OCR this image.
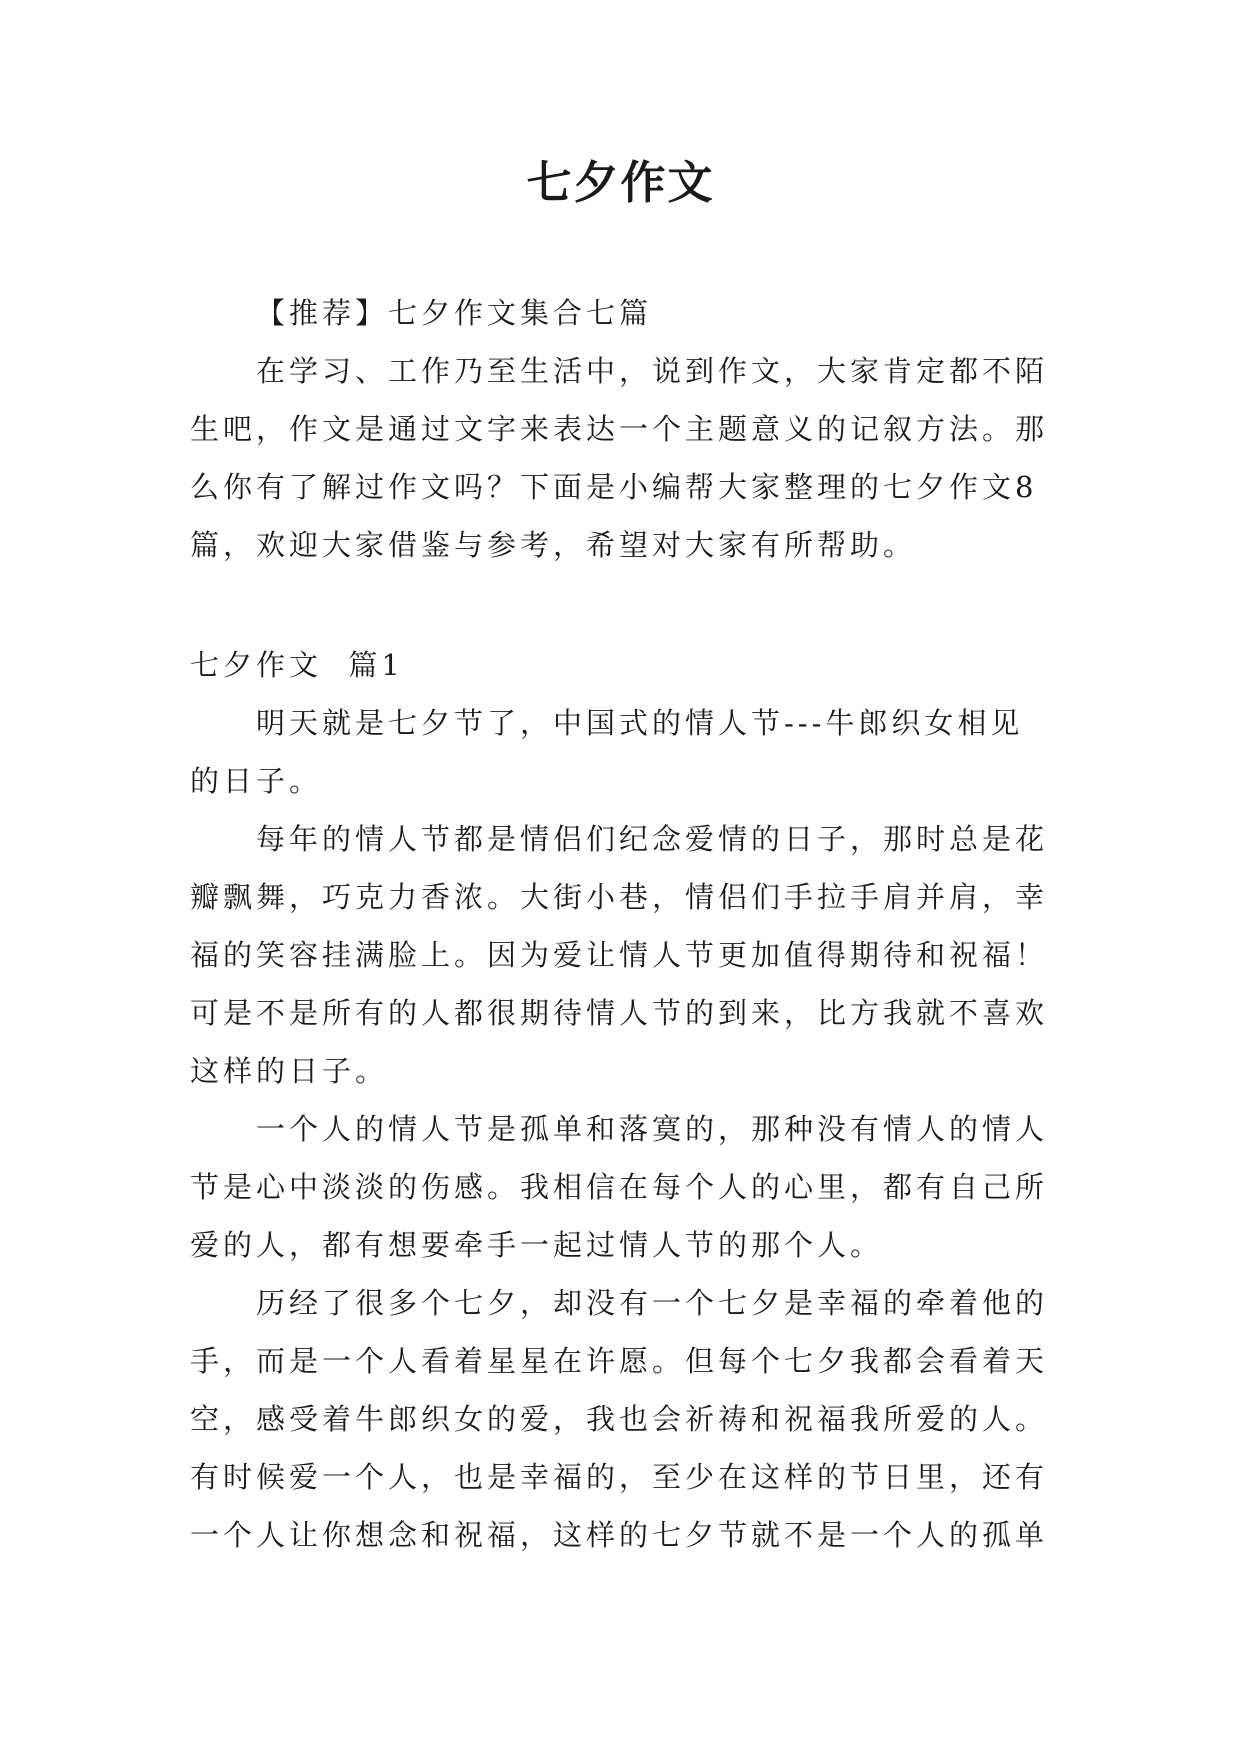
七夕作文
【推荐】七夕作文集合七篇
在学习、工作乃至生活中，说到作文，大家肯定都不陌
生吧，作文是通过文字来表达一个主题意义的记叙方法。那
么你有了解过作文吗？下面是小编帮大家整理的七夕作文8
篇，欢迎大家借鉴与参考，希望对大家有所帮助。
七夕作文  篇1
明天就是七夕节了，中国式的情人节---牛郎织女相见
的日子。
每年的情人节都是情侣们纪念爱情的日子，那时总是花
瓣飘舞，巧克力香浓。大街小巷，情侣们手拉手肩并肩，幸
福的笑容挂满脸上。因为爱让情人节更加值得期待和祝福！
可是不是所有的人都很期待情人节的到来，比方我就不喜欢
这样的日子。
一个人的情人节是孤单和落寞的，那种没有情人的情人
节是心中淡淡的伤感。我相信在每个人的心里，都有自己所
爱的人，都有想要牵手一起过情人节的那个人。
历经了很多个七夕，却没有一个七夕是幸福的牵着他的
手，而是一个人看着星星在许愿。但每个七夕我都会看着天
空，感受着牛郎织女的爱，我也会祈祷和祝福我所爱的人。
有时候爱一个人，也是幸福的，至少在这样的节日里，还有
一个人让你想念和祝福，这样的七夕节就不是一个人的孤单
